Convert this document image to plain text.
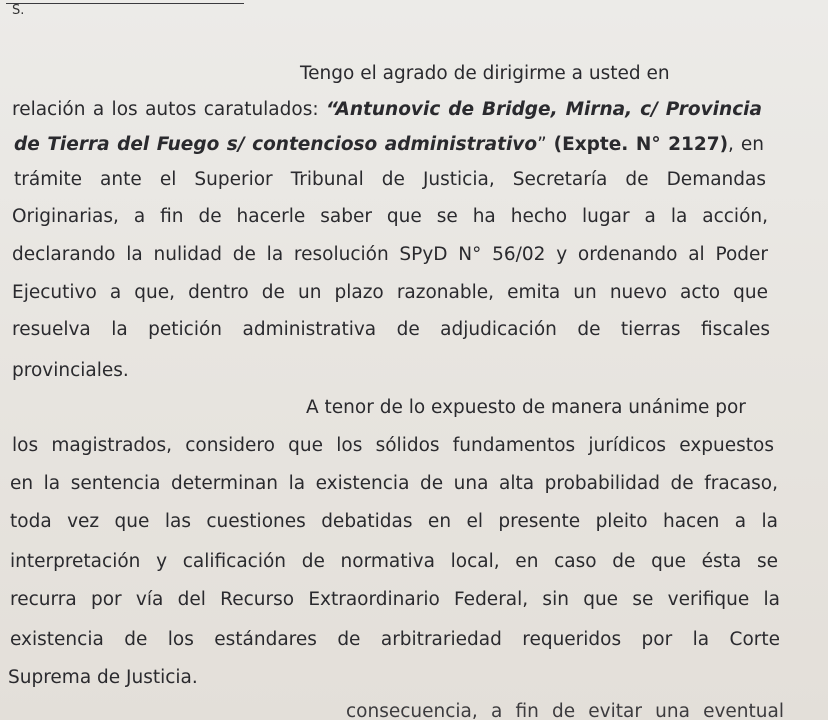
S.
Tengo el agrado de dirigirme a usted en
relación a los autos caratulados: “Antunovic de Bridge, Mirna, c/ Provincia
de Tierra del Fuego s/ contencioso administrativo” (Expte. N° 2127), en
trámite ante el Superior Tribunal de Justicia, Secretaría de Demandas
Originarias, a fin de hacerle saber que se ha hecho lugar a la acción,
declarando la nulidad de la resolución SPyD N° 56/02 y ordenando al Poder
Ejecutivo a que, dentro de un plazo razonable, emita un nuevo acto que
resuelva la petición administrativa de adjudicación de tierras fiscales
provinciales.
A tenor de lo expuesto de manera unánime por
los magistrados, considero que los sólidos fundamentos jurídicos expuestos
en la sentencia determinan la existencia de una alta probabilidad de fracaso,
toda vez que las cuestiones debatidas en el presente pleito hacen a la
interpretación y calificación de normativa local, en caso de que ésta se
recurra por vía del Recurso Extraordinario Federal, sin que se verifique la
existencia de los estándares de arbitrariedad requeridos por la Corte
Suprema de Justicia.
consecuencia, a fin de evitar una eventual
